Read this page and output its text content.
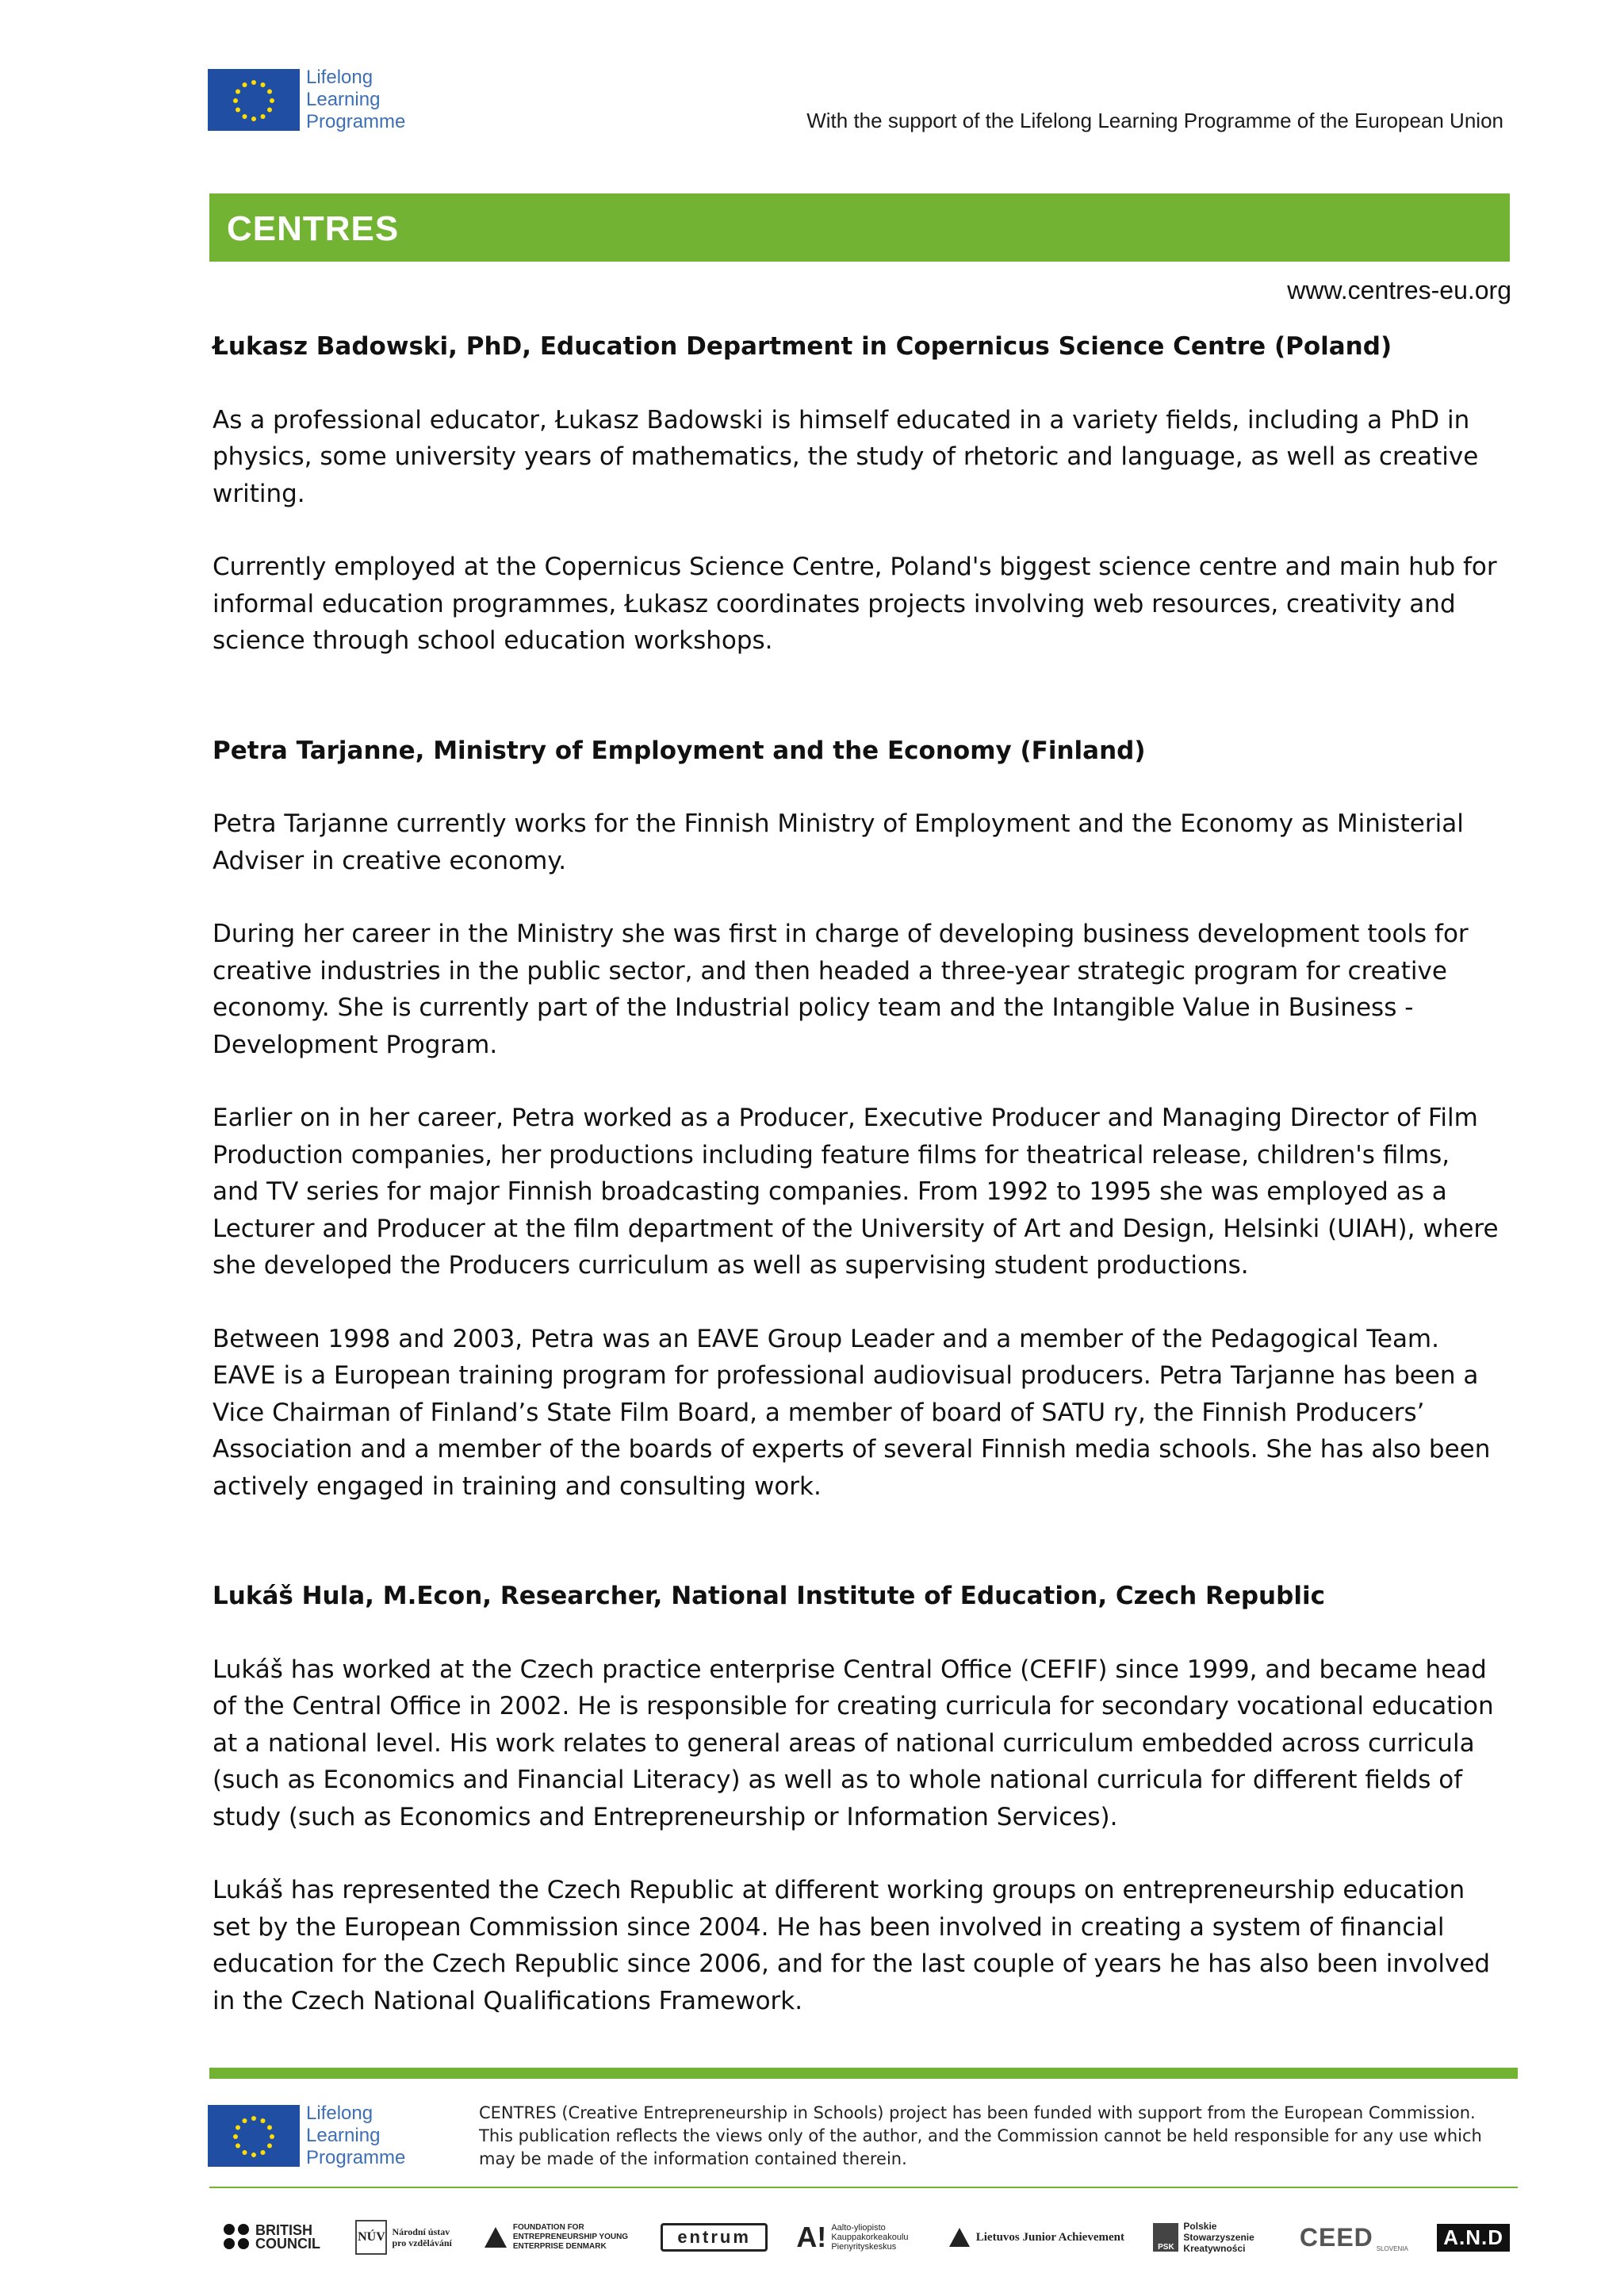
Lifelong
Learning
Programme	With the support of the Lifelong Learning Programme of the European Union
CENTRES
www.centres-eu.org
Łukasz Badowski, PhD, Education Department in Copernicus Science Centre (Poland)

As a professional educator, Łukasz Badowski is himself educated in a variety fields, including a PhD in physics, some university years of mathematics, the study of rhetoric and language, as well as creative writing.

Currently employed at the Copernicus Science Centre, Poland's biggest science centre and main hub for informal education programmes, Łukasz coordinates projects involving web resources, creativity and science through school education workshops.

Petra Tarjanne, Ministry of Employment and the Economy (Finland)

Petra Tarjanne currently works for the Finnish Ministry of Employment and the Economy as Ministerial Adviser in creative economy.

During her career in the Ministry she was first in charge of developing business development tools for creative industries in the public sector, and then headed a three-year strategic program for creative economy. She is currently part of the Industrial policy team and the Intangible Value in Business - Development Program.

Earlier on in her career, Petra worked as a Producer, Executive Producer and Managing Director of Film Production companies, her productions including feature films for theatrical release, children's films, and TV series for major Finnish broadcasting companies. From 1992 to 1995 she was employed as a Lecturer and Producer at the film department of the University of Art and Design, Helsinki (UIAH), where she developed the Producers curriculum as well as supervising student productions.

Between 1998 and 2003, Petra was an EAVE Group Leader and a member of the Pedagogical Team. EAVE is a European training program for professional audiovisual producers. Petra Tarjanne has been a Vice Chairman of Finland’s State Film Board, a member of board of SATU ry, the Finnish Producers’ Association and a member of the boards of experts of several Finnish media schools. She has also been actively engaged in training and consulting work.

Lukáš Hula, M.Econ, Researcher, National Institute of Education, Czech Republic

Lukáš has worked at the Czech practice enterprise Central Office (CEFIF) since 1999, and became head of the Central Office in 2002. He is responsible for creating curricula for secondary vocational education at a national level. His work relates to general areas of national curriculum embedded across curricula (such as Economics and Financial Literacy) as well as to whole national curricula for different fields of study (such as Economics and Entrepreneurship or Information Services).

Lukáš has represented the Czech Republic at different working groups on entrepreneurship education set by the European Commission since 2004. He has been involved in creating a system of financial education for the Czech Republic since 2006, and for the last couple of years he has also been involved in the Czech National Qualifications Framework.

Lifelong
Learning
Programme
CENTRES (Creative Entrepreneurship in Schools) project has been funded with support from the European Commission. This publication reflects the views only of the author, and the Commission cannot be held responsible for any use which may be made of the information contained therein.
BRITISH COUNCIL	NÚV Národní ústav pro vzdělávání
FOUNDATION FOR ENTREPRENEURSHIP YOUNG ENTERPRISE DENMARK	entrum	A! Aalto-yliopisto Kauppakorkeakoulu Pienyrityskeskus
Lietuvos Junior Achievement
PSK
Polskie Stowarzyszenie Kreatywności	CEED SLOVENIA	A.N.D
